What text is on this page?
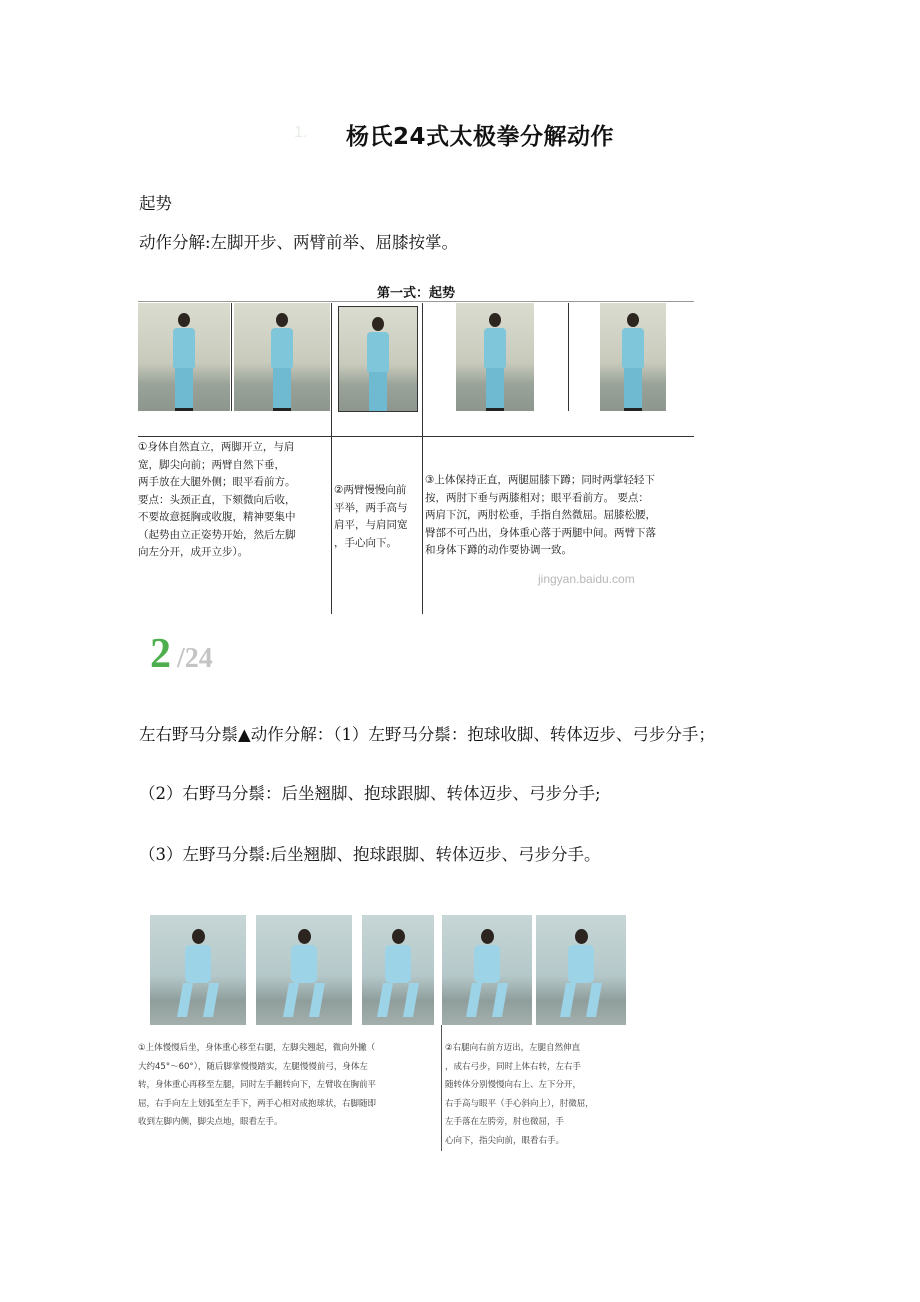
1. 杨氏24式太极拳分解动作
起势
动作分解:左脚开步、两臂前举、屈膝按掌。
第一式：起势
①身体自然直立，两脚开立，与肩
宽，脚尖向前；两臂自然下垂，
两手放在大腿外侧；眼平看前方。
要点：头颈正直，下颏微向后收，
不要故意挺胸或收腹，精神要集中
（起势由立正姿势开始，然后左脚
向左分开，成开立步）。
②两臂慢慢向前
平举，两手高与
肩平，与肩同宽
，手心向下。
③上体保持正直，两腿屈膝下蹲；同时两掌轻轻下
按，两肘下垂与两膝相对；眼平看前方。 要点：
两肩下沉，两肘松垂，手指自然微屈。屈膝松腰，
臀部不可凸出，身体重心落于两腿中间。两臂下落
和身体下蹲的动作要协调一致。
jingyan.baidu.com
2 /24
左右野马分鬃▲动作分解：（1）左野马分鬃：抱球收脚、转体迈步、弓步分手；
（2）右野马分鬃：后坐翘脚、抱球跟脚、转体迈步、弓步分手;
（3）左野马分鬃:后坐翘脚、抱球跟脚、转体迈步、弓步分手。
①上体慢慢后坐，身体重心移至右腿，左脚尖翘起，微向外撇（
大约45°～60°），随后脚掌慢慢踏实，左腿慢慢前弓，身体左
转，身体重心再移至左腿，同时左手翻转向下，左臂收在胸前平
屈，右手向左上划弧至左手下，两手心相对成抱球状，右脚随即
收到左脚内侧，脚尖点地，眼看左手。
②右腿向右前方迈出，左腿自然伸直
，成右弓步，同时上体右转，左右手
随转体分别慢慢向右上、左下分开，
右手高与眼平（手心斜向上），肘微屈，
左手落在左胯旁，肘也微屈，手
心向下，指尖向前，眼看右手。
